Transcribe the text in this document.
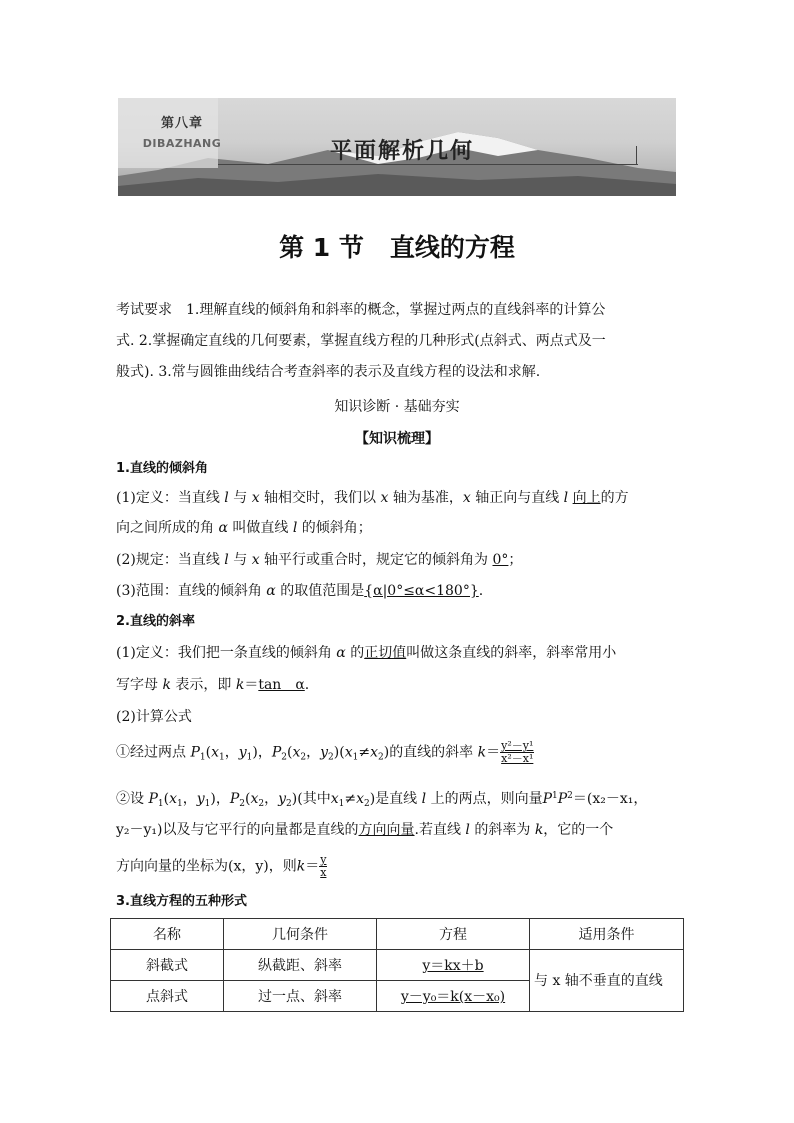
第八章
DIBAZHANG	平面解析几何
第 1 节 直线的方程
考试要求　1.理解直线的倾斜角和斜率的概念，掌握过两点的直线斜率的计算公
式. 2.掌握确定直线的几何要素，掌握直线方程的几种形式(点斜式、两点式及一
般式). 3.常与圆锥曲线结合考查斜率的表示及直线方程的设法和求解.
知识诊断 · 基础夯实
【知识梳理】
1.直线的倾斜角
(1)定义：当直线 l 与 x 轴相交时，我们以 x 轴为基准，x 轴正向与直线 l 向上的方
向之间所成的角 α 叫做直线 l 的倾斜角；
(2)规定：当直线 l 与 x 轴平行或重合时，规定它的倾斜角为 0°；
(3)范围：直线的倾斜角 α 的取值范围是{α|0°≤α<180°}.
2.直线的斜率
(1)定义：我们把一条直线的倾斜角 α 的正切值叫做这条直线的斜率，斜率常用小
写字母 k 表示，即 k＝tan　α.
(2)计算公式
①经过两点 $P_1(x_1$，$y_1$)，$P_2(x_2$，$y_2)(x_1\ne x_2)$的直线的斜率 $k= \frac{\text{y²－y¹}}{\text{x²－x¹}}$
②设 $P_1(x_1$，$y_1$)，$P_2(x_2$，$y_2$)(其中$x_1\ne x_2$)是直线 l 上的两点，则向量$P^1P^2=(x_2-x_1$，
y₂－y₁)以及与它平行的向量都是直线的方向向量.若直线 l 的斜率为 k，它的一个
方向向量的坐标为(x，y)，则$k= \frac{y}{x}$
3.直线方程的五种形式
名称	几何条件	方程	适用条件
斜截式	纵截距、斜率	y＝kx＋b	与 x 轴不垂直的直线
点斜式	过一点、斜率	y－y₀＝k(x－x₀)	
